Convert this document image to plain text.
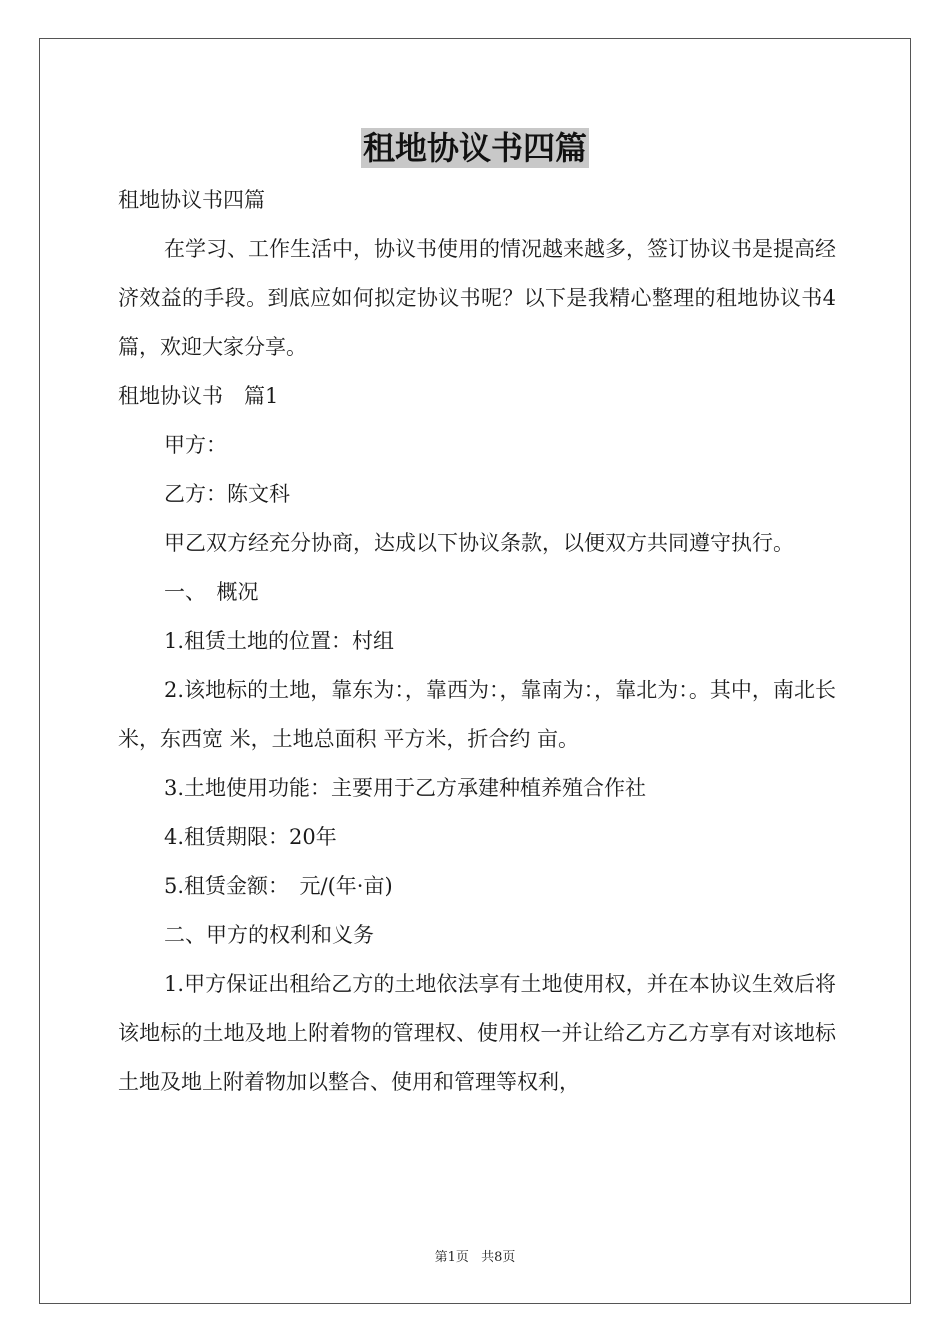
租地协议书四篇

租地协议书四篇

在学习、工作生活中，协议书使用的情况越来越多，签订协议书是提高经济效益的手段。到底应如何拟定协议书呢？以下是我精心整理的租地协议书4篇，欢迎大家分享。

租地协议书　篇1

甲方：

乙方：陈文科

甲乙双方经充分协商，达成以下协议条款，以便双方共同遵守执行。

一、　概况

1.租赁土地的位置：村组

2.该地标的土地，靠东为：，靠西为：，靠南为：，靠北为：。其中，南北长 米，东西宽 米，土地总面积 平方米，折合约 亩。

3.土地使用功能：主要用于乙方承建种植养殖合作社

4.租赁期限：20年

5.租赁金额：　元/(年·亩)

二、甲方的权利和义务

1.甲方保证出租给乙方的土地依法享有土地使用权，并在本协议生效后将该地标的土地及地上附着物的管理权、使用权一并让给乙方乙方享有对该地标土地及地上附着物加以整合、使用和管理等权利，

第1页 共8页
